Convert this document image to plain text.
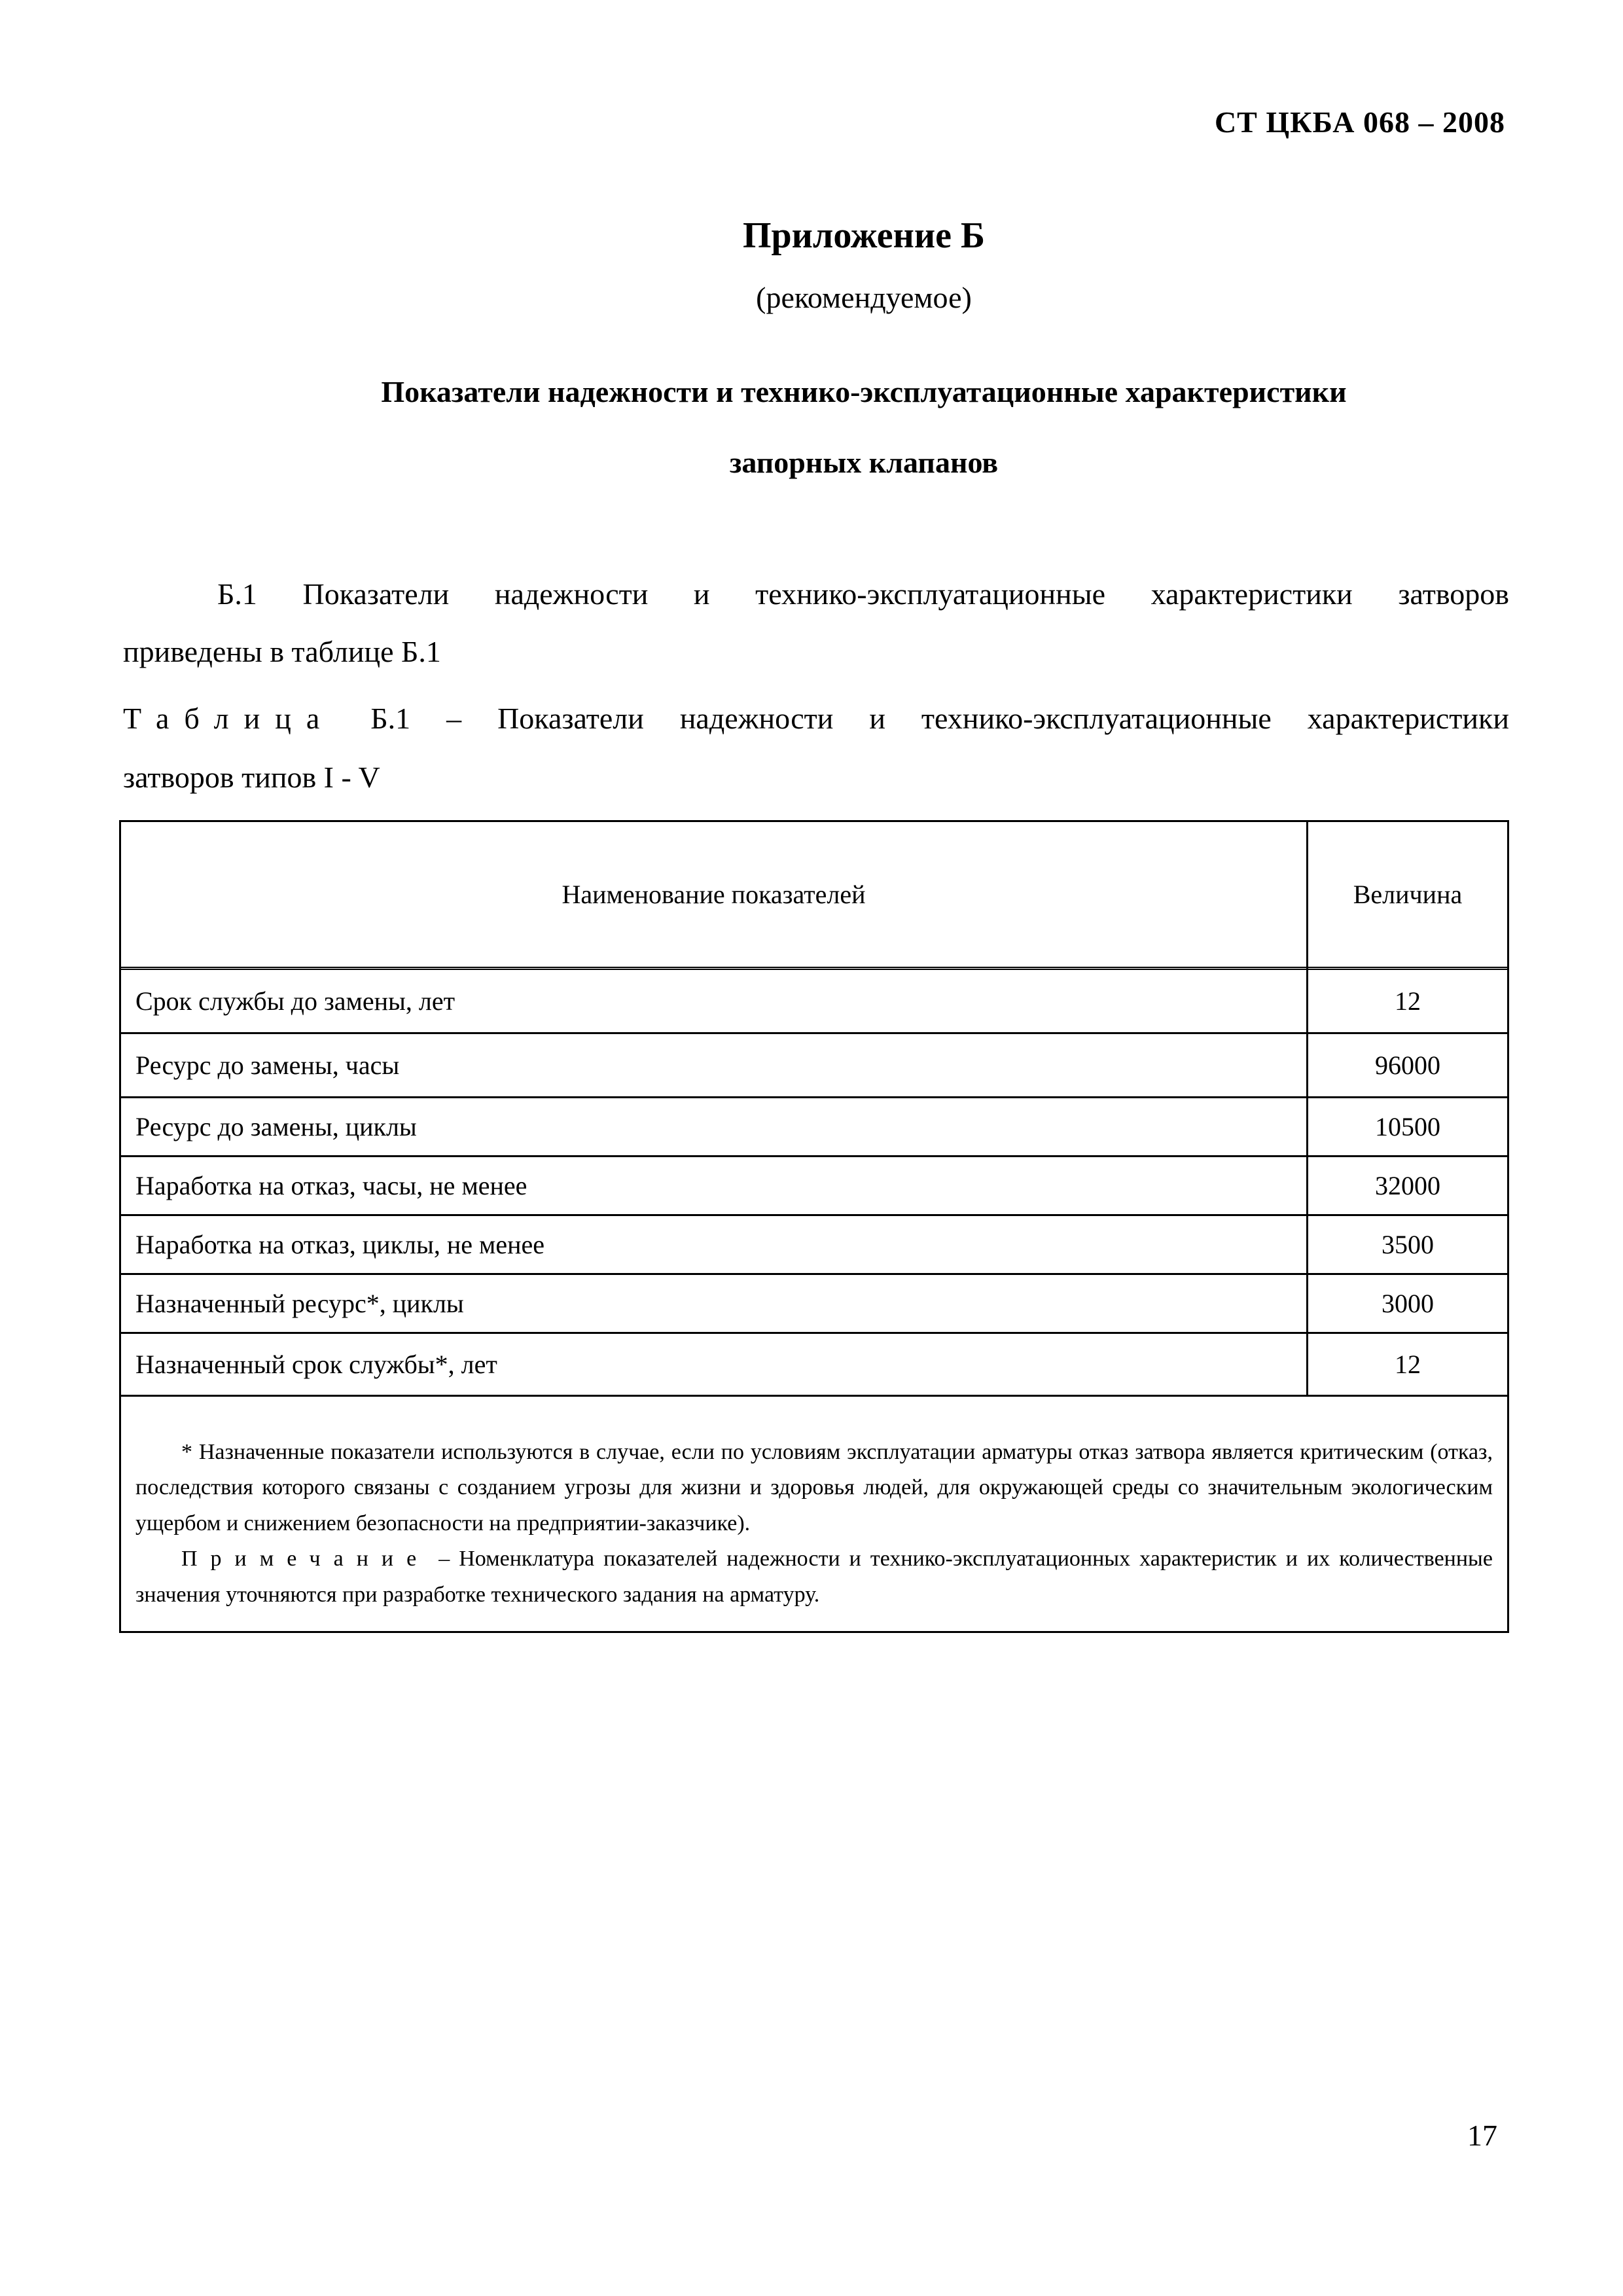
СТ ЦКБА 068 – 2008
Приложение Б
(рекомендуемое)
Показатели надежности и технико-эксплуатационные характеристики
запорных клапанов
Б.1 Показатели надежности и технико-эксплуатационные характеристики затворов
приведены в таблице Б.1
Таблица Б.1 – Показатели надежности и технико-эксплуатационные характеристики
затворов типов I - V
Наименование показателей	Величина
Срок службы до замены, лет	12
Ресурс до замены, часы	96000
Ресурс до замены, циклы	10500
Наработка на отказ, часы, не менее	32000
Наработка на отказ, циклы, не менее	3500
Назначенный ресурс*, циклы	3000
Назначенный срок службы*, лет	12

* Назначенные показатели используются в случае, если по условиям эксплуатации арматуры отказ затвора является критическим (отказ, последствия которого связаны с созданием угрозы для жизни и здоровья людей, для окружающей среды со значительным экологическим ущербом и снижением безопасности на предприятии-заказчике).

Примечание – Номенклатура показателей надежности и технико-эксплуатационных характеристик и их количественные значения уточняются при разработке технического задания на арматуру.

17
